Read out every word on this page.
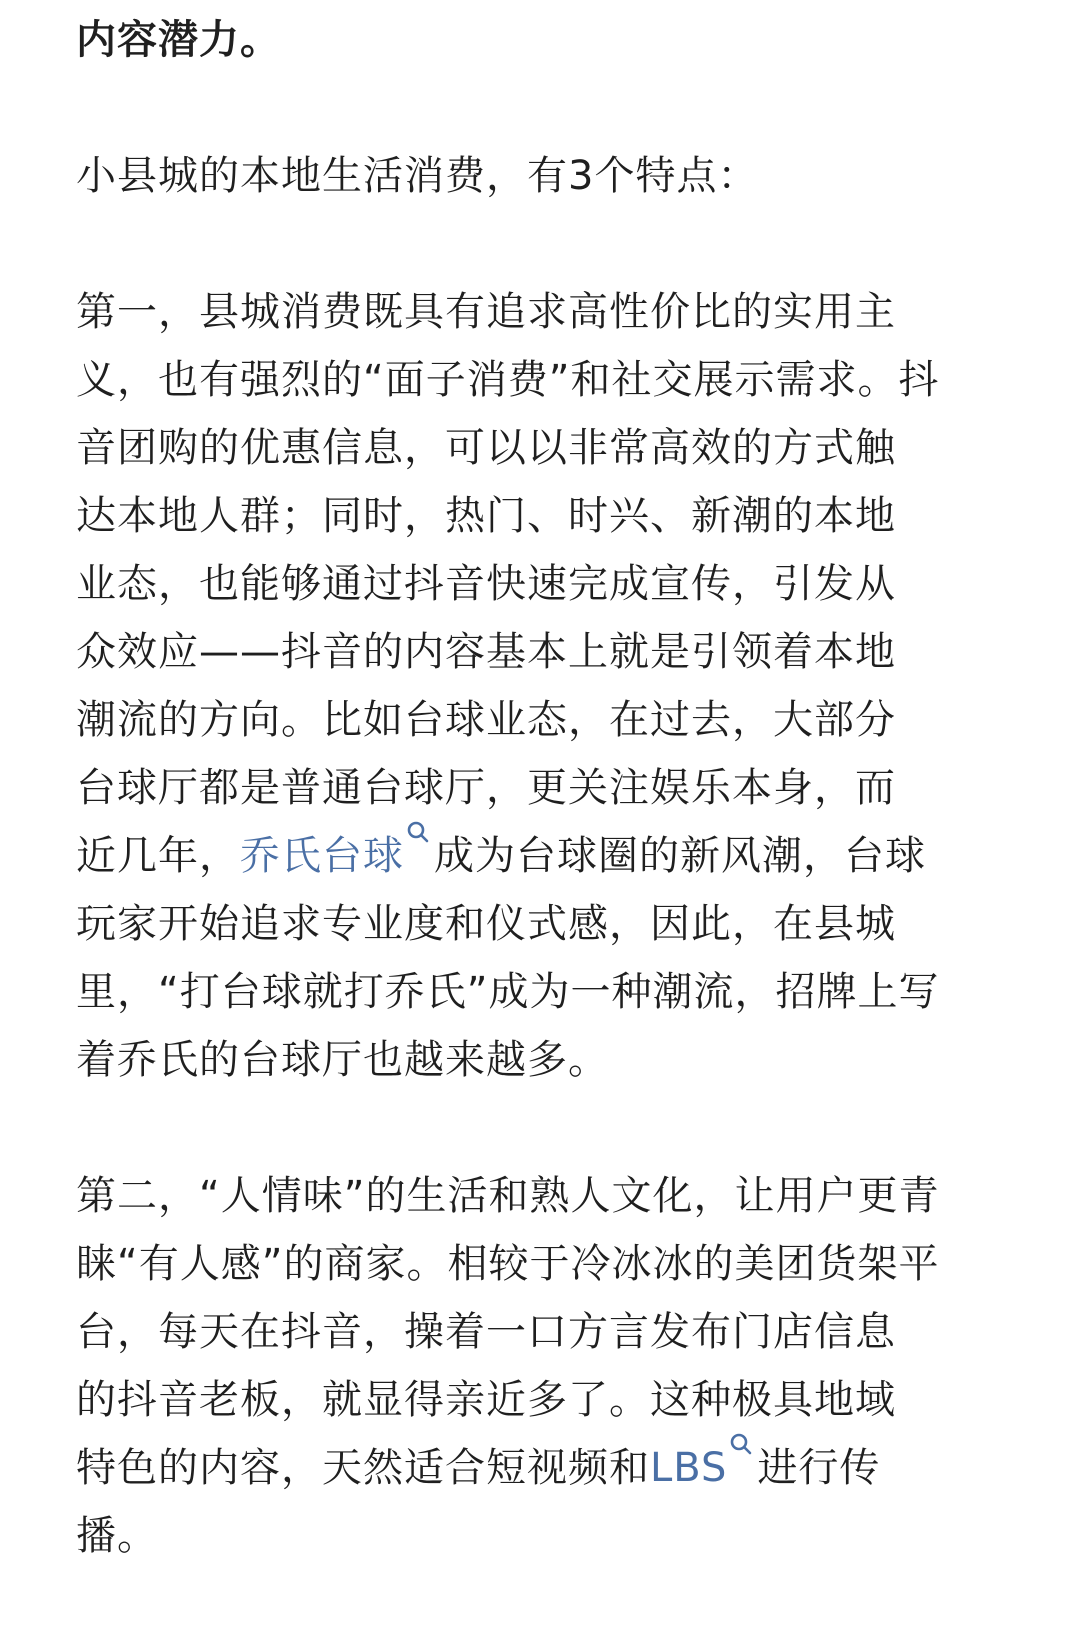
内容潜力。
小县城的本地生活消费，有3个特点：
第一，县城消费既具有追求高性价比的实用主
义，也有强烈的“面子消费”和社交展示需求。抖
音团购的优惠信息，可以以非常高效的方式触
达本地人群；同时，热门、时兴、新潮的本地
业态，也能够通过抖音快速完成宣传，引发从
众效应——抖音的内容基本上就是引领着本地
潮流的方向。比如台球业态，在过去，大部分
台球厅都是普通台球厅，更关注娱乐本身，而
近几年，乔氏台球 成为台球圈的新风潮，台球
玩家开始追求专业度和仪式感，因此，在县城
里，“打台球就打乔氏”成为一种潮流，招牌上写
着乔氏的台球厅也越来越多。
第二，“人情味”的生活和熟人文化，让用户更青
睐“有人感”的商家。相较于冷冰冰的美团货架平
台，每天在抖音，操着一口方言发布门店信息
的抖音老板，就显得亲近多了。这种极具地域
特色的内容，天然适合短视频和LBS 进行传
播。
